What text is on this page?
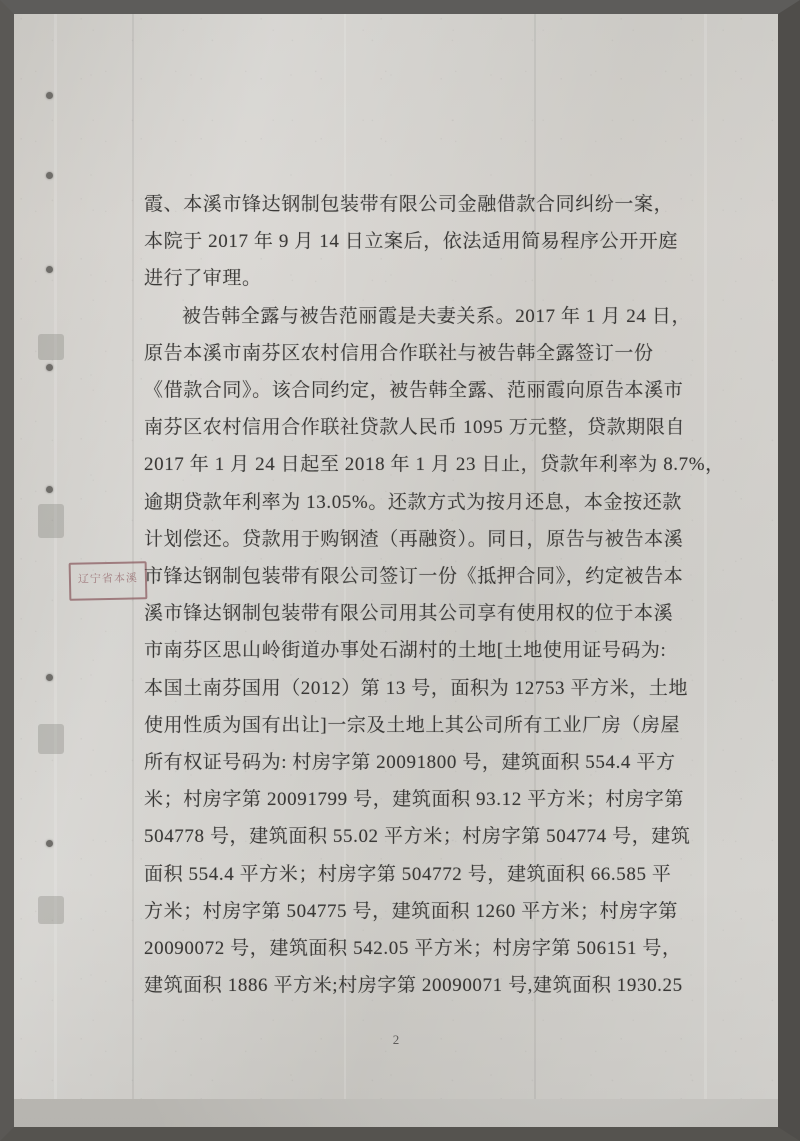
辽宁省本溪
霞、本溪市锋达钢制包装带有限公司金融借款合同纠纷一案，
本院于 2017 年 9 月 14 日立案后，依法适用简易程序公开开庭
进行了审理。
被告韩全露与被告范丽霞是夫妻关系。2017 年 1 月 24 日，
原告本溪市南芬区农村信用合作联社与被告韩全露签订一份
《借款合同》。该合同约定，被告韩全露、范丽霞向原告本溪市
南芬区农村信用合作联社贷款人民币 1095 万元整，贷款期限自
2017 年 1 月 24 日起至 2018 年 1 月 23 日止，贷款年利率为 8.7%，
逾期贷款年利率为 13.05%。还款方式为按月还息，本金按还款
计划偿还。贷款用于购钢渣（再融资）。同日，原告与被告本溪
市锋达钢制包装带有限公司签订一份《抵押合同》，约定被告本
溪市锋达钢制包装带有限公司用其公司享有使用权的位于本溪
市南芬区思山岭街道办事处石湖村的土地[土地使用证号码为:
本国土南芬国用（2012）第 13 号，面积为 12753 平方米，土地
使用性质为国有出让]一宗及土地上其公司所有工业厂房（房屋
所有权证号码为: 村房字第 20091800 号，建筑面积 554.4 平方
米；村房字第 20091799 号，建筑面积 93.12 平方米；村房字第
504778 号，建筑面积 55.02 平方米；村房字第 504774 号，建筑
面积 554.4 平方米；村房字第 504772 号，建筑面积 66.585 平
方米；村房字第 504775 号，建筑面积 1260 平方米；村房字第
20090072 号，建筑面积 542.05 平方米；村房字第 506151 号，
建筑面积 1886 平方米;村房字第 20090071 号,建筑面积 1930.25
2
